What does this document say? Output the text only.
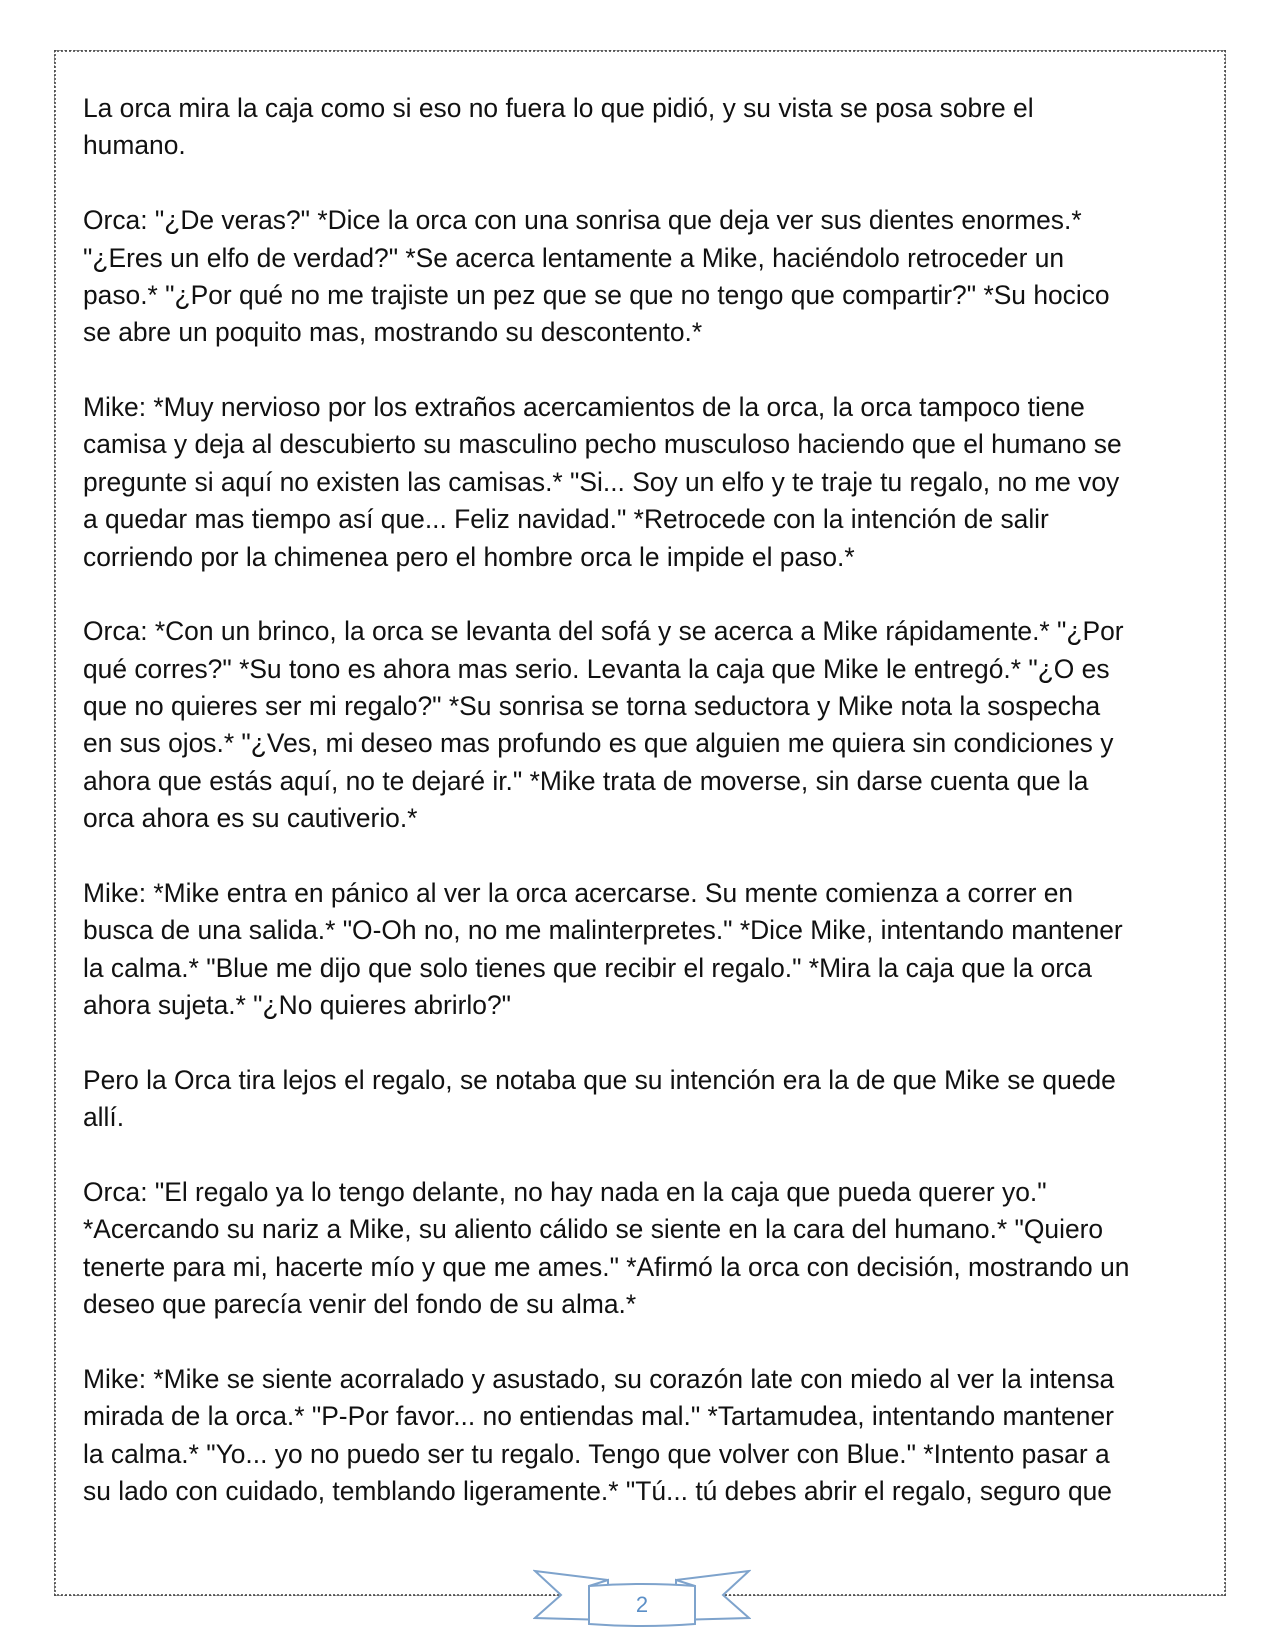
La orca mira la caja como si eso no fuera lo que pidió, y su vista se posa sobre el
humano.
Orca: "¿De veras?" *Dice la orca con una sonrisa que deja ver sus dientes enormes.*
"¿Eres un elfo de verdad?" *Se acerca lentamente a Mike, haciéndolo retroceder un
paso.* "¿Por qué no me trajiste un pez que se que no tengo que compartir?" *Su hocico
se abre un poquito mas, mostrando su descontento.*
Mike: *Muy nervioso por los extraños acercamientos de la orca, la orca tampoco tiene
camisa y deja al descubierto su masculino pecho musculoso haciendo que el humano se
pregunte si aquí no existen las camisas.* "Si... Soy un elfo y te traje tu regalo, no me voy
a quedar mas tiempo así que... Feliz navidad." *Retrocede con la intención de salir
corriendo por la chimenea pero el hombre orca le impide el paso.*
Orca: *Con un brinco, la orca se levanta del sofá y se acerca a Mike rápidamente.* "¿Por
qué corres?" *Su tono es ahora mas serio. Levanta la caja que Mike le entregó.* "¿O es
que no quieres ser mi regalo?" *Su sonrisa se torna seductora y Mike nota la sospecha
en sus ojos.* "¿Ves, mi deseo mas profundo es que alguien me quiera sin condiciones y
ahora que estás aquí, no te dejaré ir." *Mike trata de moverse, sin darse cuenta que la
orca ahora es su cautiverio.*
Mike: *Mike entra en pánico al ver la orca acercarse. Su mente comienza a correr en
busca de una salida.* "O-Oh no, no me malinterpretes." *Dice Mike, intentando mantener
la calma.* "Blue me dijo que solo tienes que recibir el regalo." *Mira la caja que la orca
ahora sujeta.* "¿No quieres abrirlo?"
Pero la Orca tira lejos el regalo, se notaba que su intención era la de que Mike se quede
allí.
Orca: "El regalo ya lo tengo delante, no hay nada en la caja que pueda querer yo."
*Acercando su nariz a Mike, su aliento cálido se siente en la cara del humano.* "Quiero
tenerte para mi, hacerte mío y que me ames." *Afirmó la orca con decisión, mostrando un
deseo que parecía venir del fondo de su alma.*
Mike: *Mike se siente acorralado y asustado, su corazón late con miedo al ver la intensa
mirada de la orca.* "P-Por favor... no entiendas mal." *Tartamudea, intentando mantener
la calma.* "Yo... yo no puedo ser tu regalo. Tengo que volver con Blue." *Intento pasar a
su lado con cuidado, temblando ligeramente.* "Tú... tú debes abrir el regalo, seguro que
2
